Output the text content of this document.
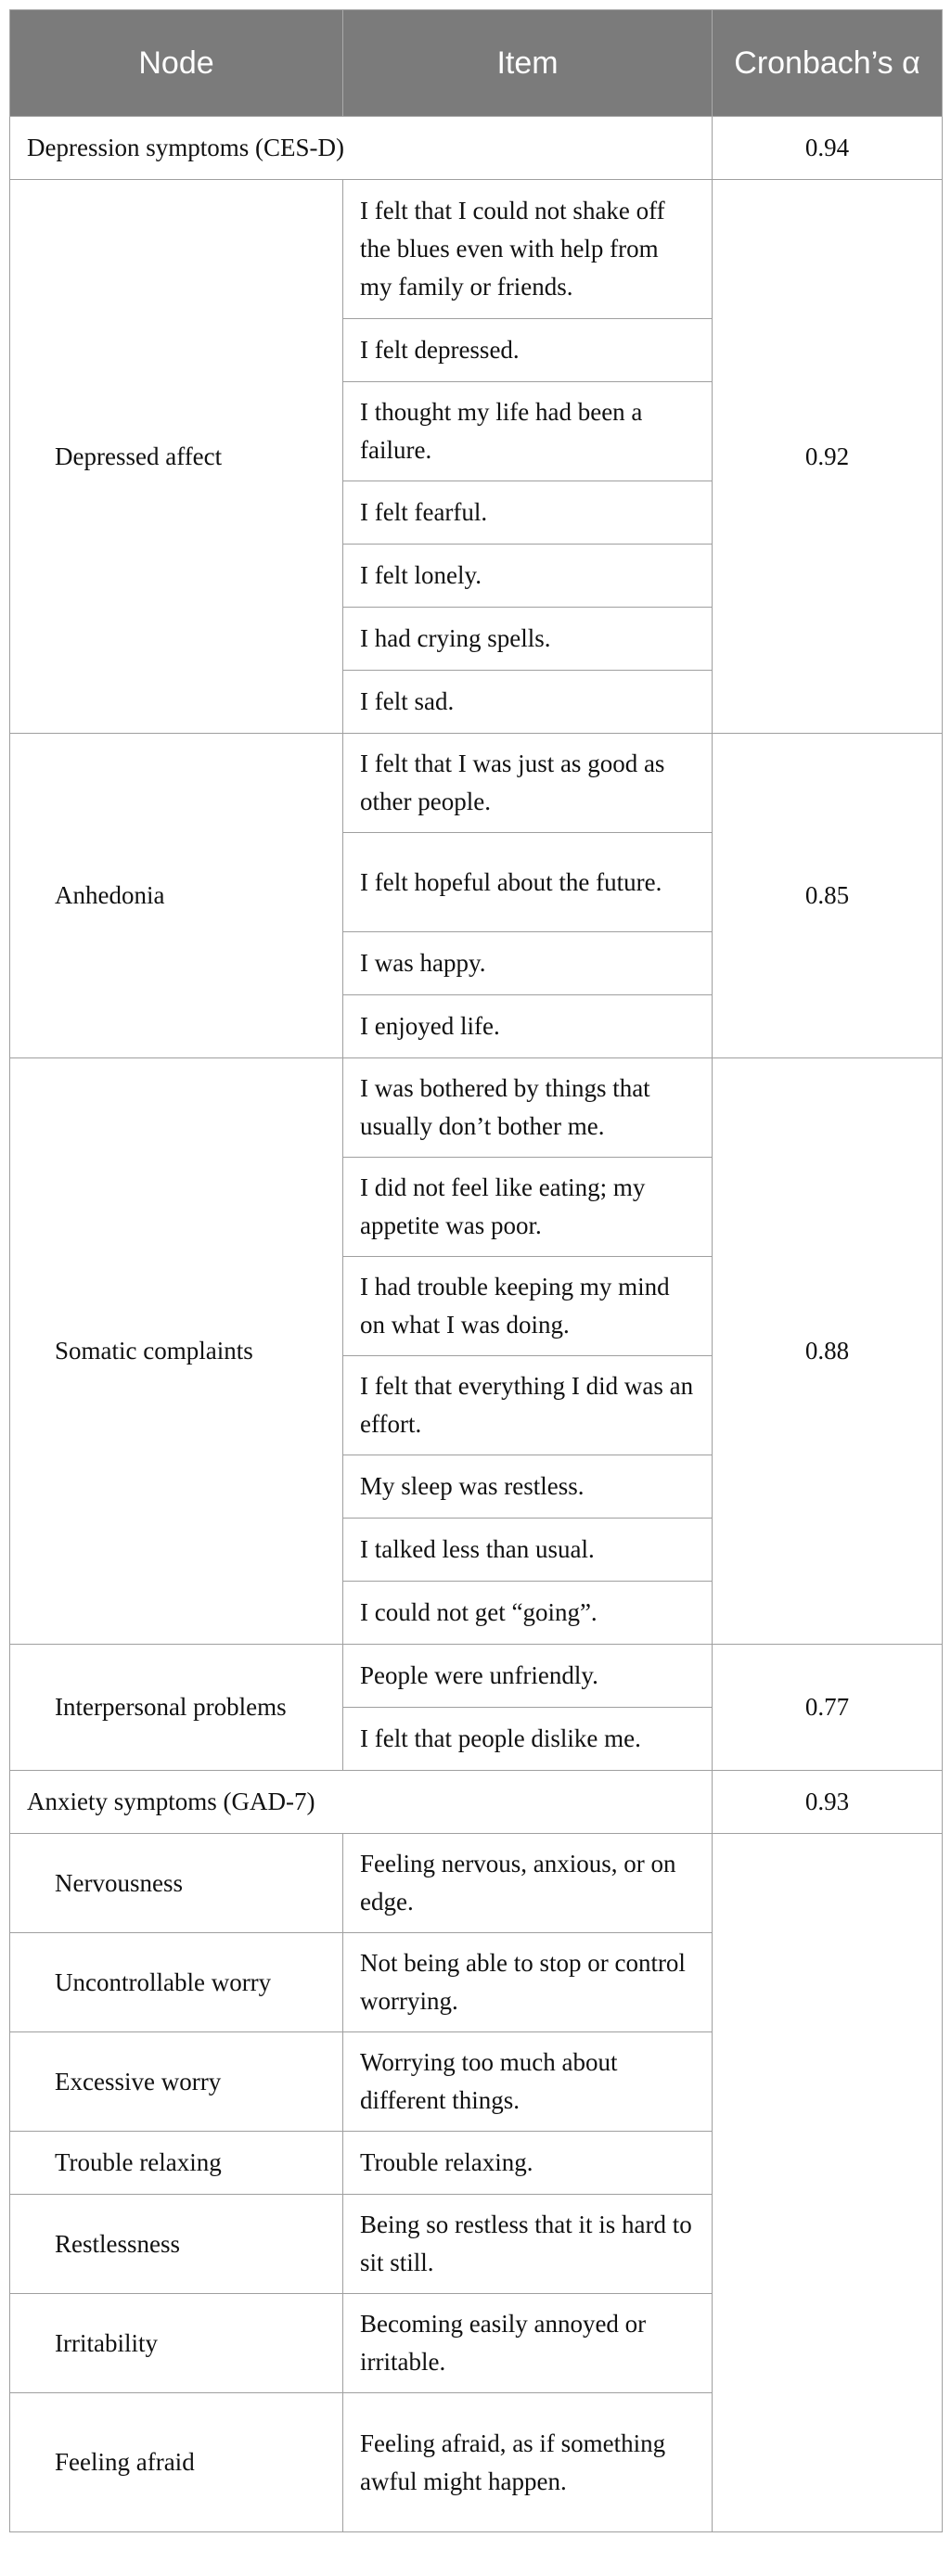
Node	Item	Cronbach’s α
Depression symptoms (CES-D)		0.94
Depressed affect	I felt that I could not shake off the blues even with help from my family or friends.	0.92
	I felt depressed.	
	I thought my life had been a failure.	
	I felt fearful.	
	I felt lonely.	
	I had crying spells.	
	I felt sad.	
Anhedonia	I felt that I was just as good as other people.	0.85
	I felt hopeful about the future.	
	I was happy.	
	I enjoyed life.	
Somatic complaints	I was bothered by things that usually don’t bother me.	0.88
	I did not feel like eating; my appetite was poor.	
	I had trouble keeping my mind on what I was doing.	
	I felt that everything I did was an effort.	
	My sleep was restless.	
	I talked less than usual.	
	I could not get “going”.	
Interpersonal problems	People were unfriendly.	0.77
	I felt that people dislike me.	
Anxiety symptoms (GAD-7)		0.93
Nervousness	Feeling nervous, anxious, or on edge.	
Uncontrollable worry	Not being able to stop or control worrying.	
Excessive worry	Worrying too much about different things.	
Trouble relaxing	Trouble relaxing.	
Restlessness	Being so restless that it is hard to sit still.	
Irritability	Becoming easily annoyed or irritable.	
Feeling afraid	Feeling afraid, as if something awful might happen.	
